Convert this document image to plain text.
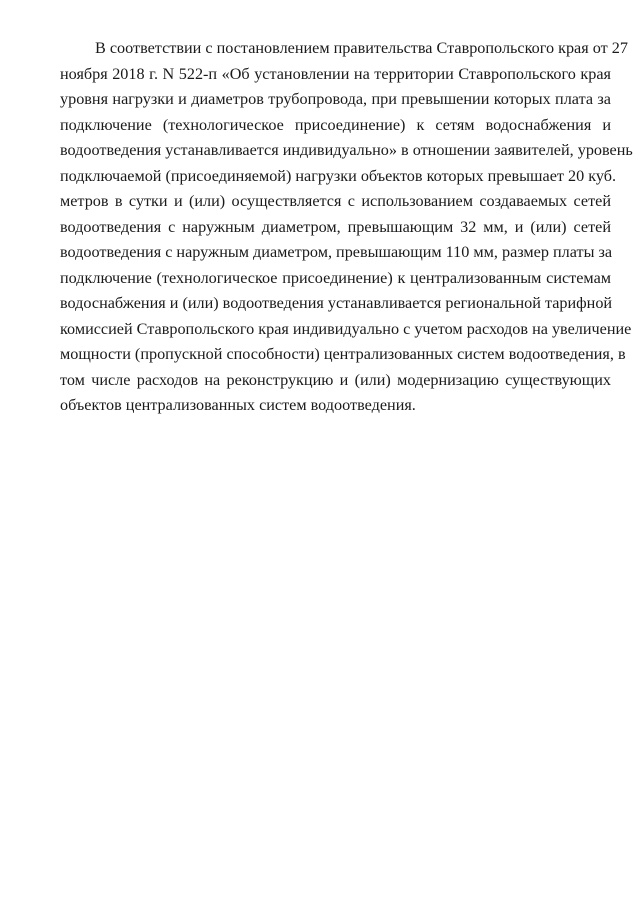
В соответствии с постановлением правительства Ставропольского края от 27
ноября 2018 г. N 522-п «Об установлении на территории Ставропольского края
уровня нагрузки и диаметров трубопровода, при превышении которых плата за
подключение (технологическое присоединение) к сетям водоснабжения и
водоотведения устанавливается индивидуально» в отношении заявителей, уровень
подключаемой (присоединяемой) нагрузки объектов которых превышает 20 куб.
метров в сутки и (или) осуществляется с использованием создаваемых сетей
водоотведения с наружным диаметром, превышающим 32 мм, и (или) сетей
водоотведения с наружным диаметром, превышающим 110 мм, размер платы за
подключение (технологическое присоединение) к централизованным системам
водоснабжения и (или) водоотведения устанавливается региональной тарифной
комиссией Ставропольского края индивидуально с учетом расходов на увеличение
мощности (пропускной способности) централизованных систем водоотведения, в
том числе расходов на реконструкцию и (или) модернизацию существующих
объектов централизованных систем водоотведения.
